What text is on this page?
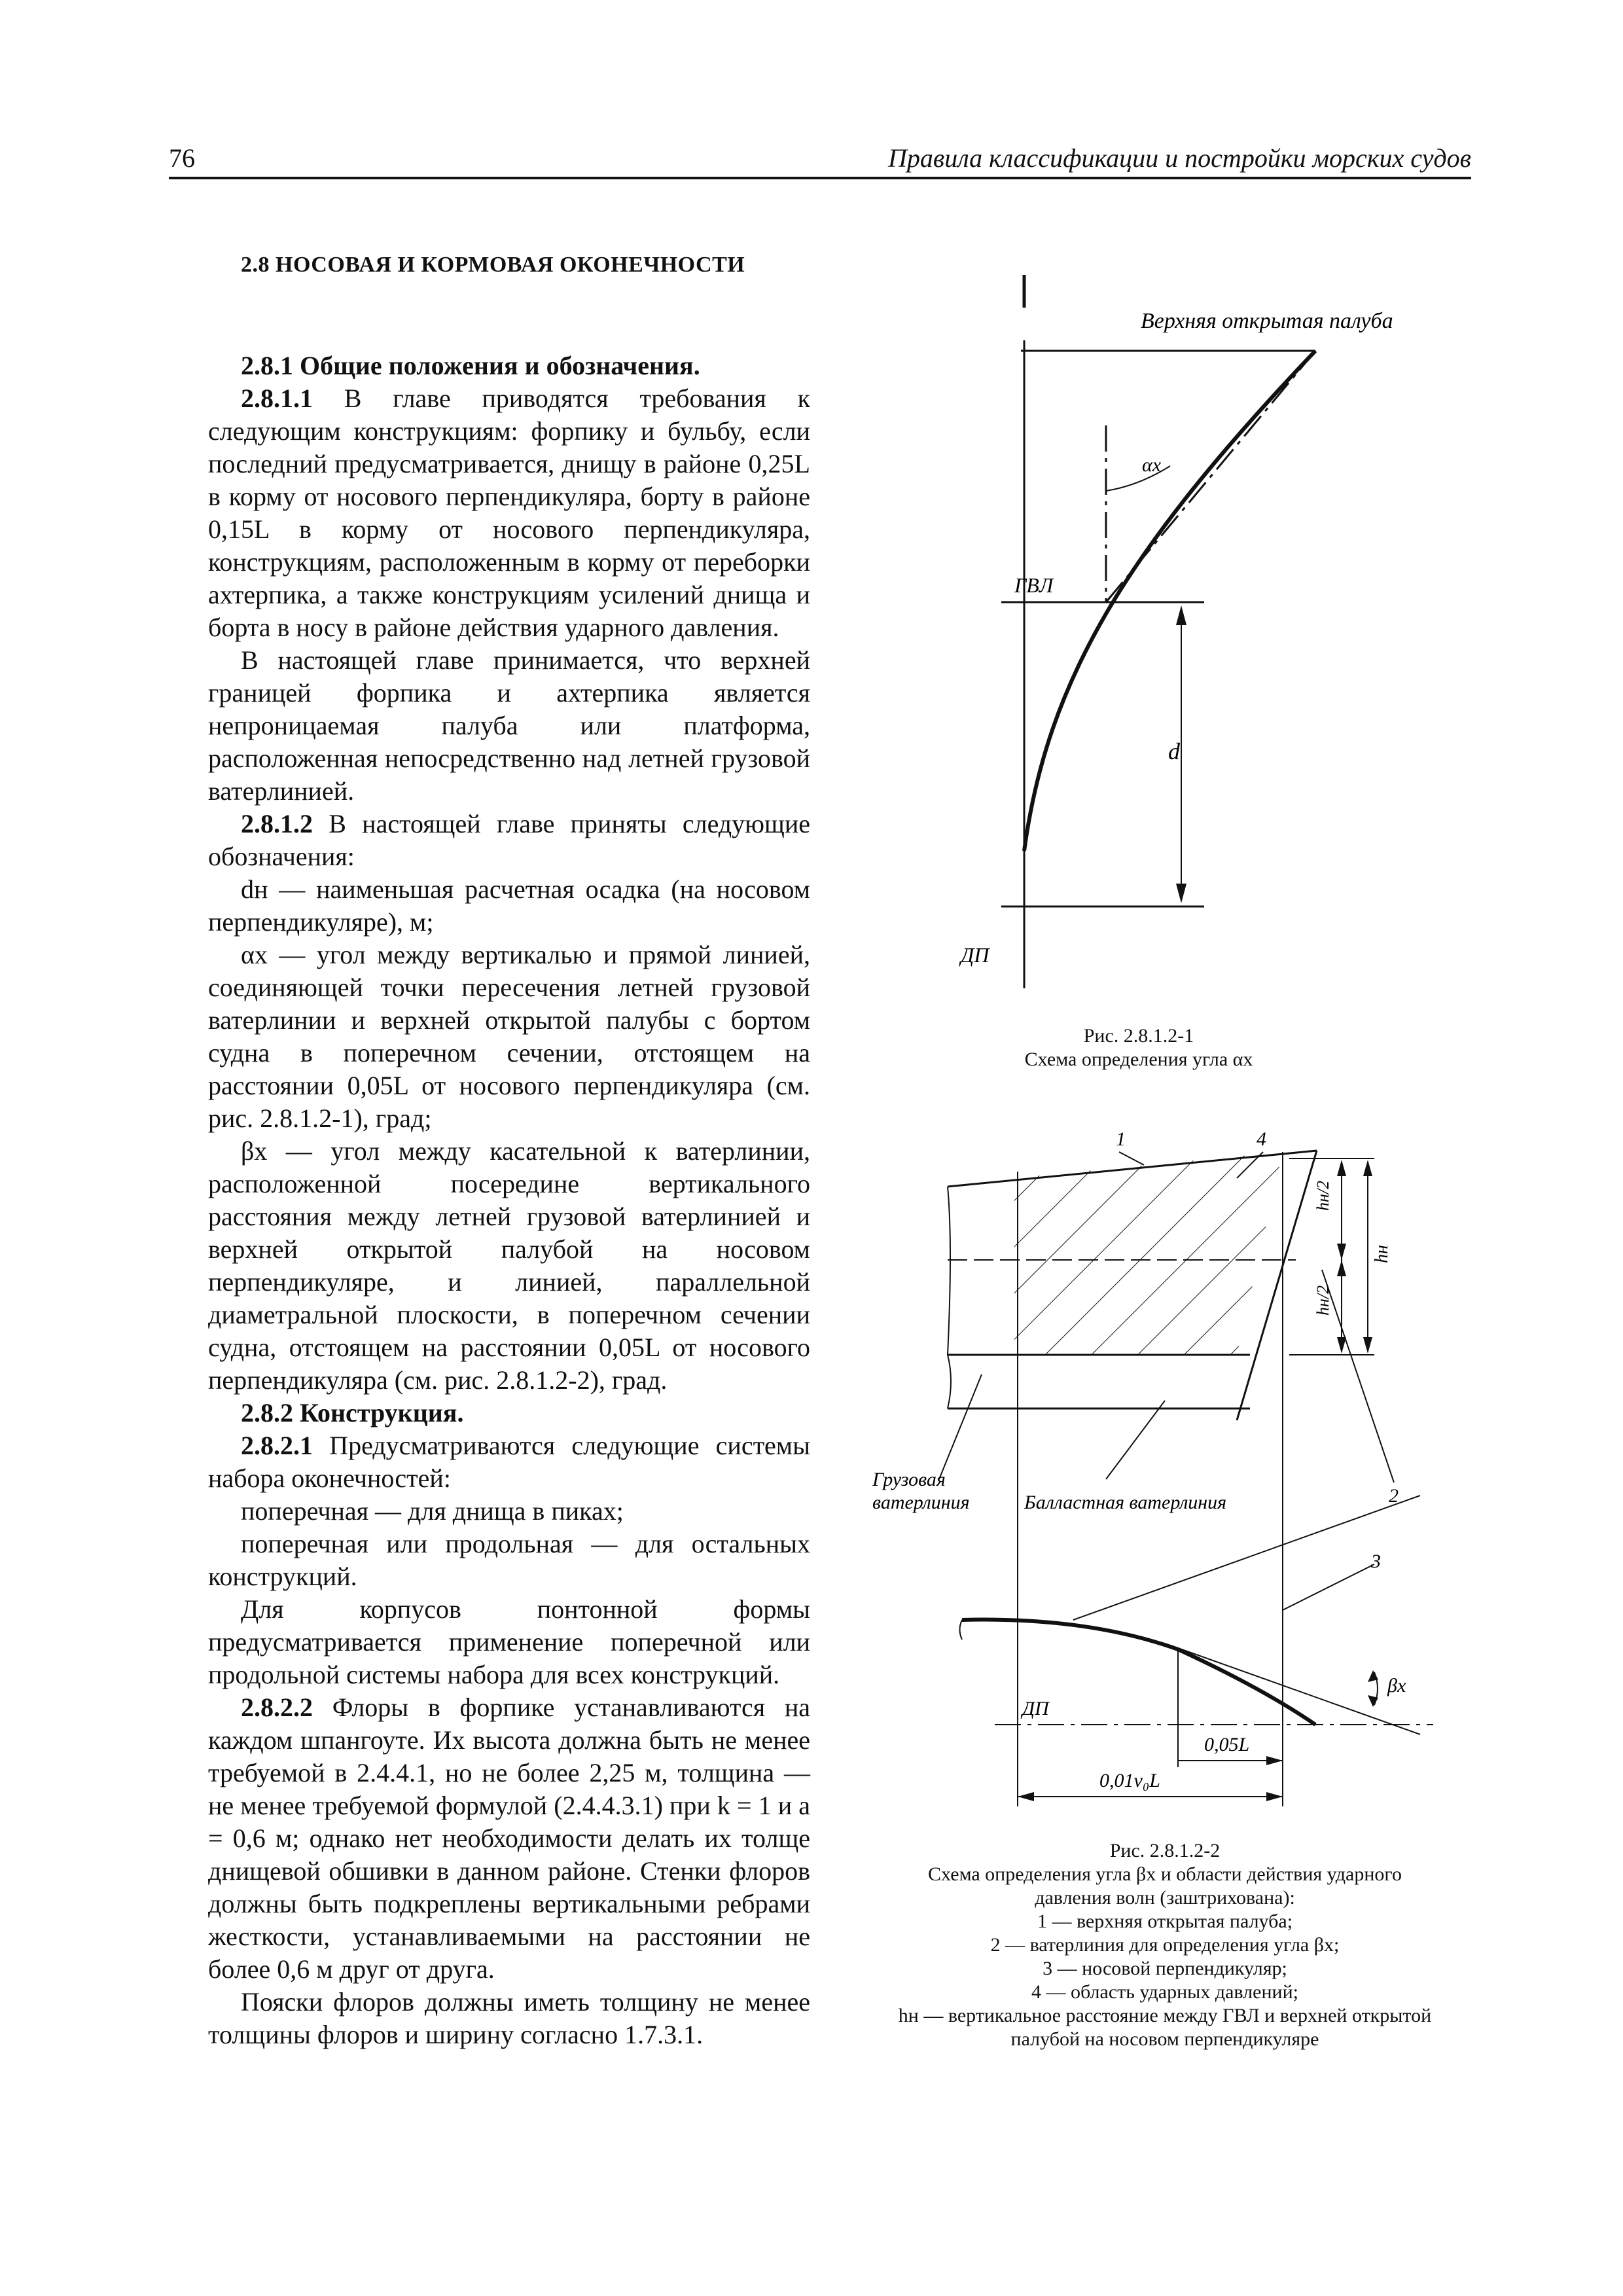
76	Правила классификации и постройки морских судов
2.8 НОСОВАЯ И КОРМОВАЯ ОКОНЕЧНОСТИ

2.8.1 Общие положения и обозначения.

2.8.1.1 В главе приводятся требования к следующим конструкциям: форпику и бульбу, если последний предусматривается, днищу в районе 0,25L в корму от носового перпендикуляра, борту в районе 0,15L в корму от носового перпендикуляра, конструкциям, расположенным в корму от переборки ахтерпика, а также конструкциям усилений днища и борта в носу в районе действия ударного давления.

В настоящей главе принимается, что верхней границей форпика и ахтерпика является непроницаемая палуба или платформа, расположенная непосредственно над летней грузовой ватерлинией.

2.8.1.2 В настоящей главе приняты следующие обозначения:

dн — наименьшая расчетная осадка (на носовом перпендикуляре), м;

αx — угол между вертикалью и прямой линией, соединяющей точки пересечения летней грузовой ватерлинии и верхней открытой палубы с бортом судна в поперечном сечении, отстоящем на расстоянии 0,05L от носового перпендикуляра (см. рис. 2.8.1.2-1), град;

βx — угол между касательной к ватерлинии, расположенной посередине вертикального расстояния между летней грузовой ватерлинией и верхней открытой палубой на носовом перпендикуляре, и линией, параллельной диаметральной плоскости, в поперечном сечении судна, отстоящем на расстоянии 0,05L от носового перпендикуляра (см. рис. 2.8.1.2-2), град.

2.8.2 Конструкция.

2.8.2.1 Предусматриваются следующие системы набора оконечностей:

поперечная — для днища в пиках;

поперечная или продольная — для остальных конструкций.

Для корпусов понтонной формы предусматривается применение поперечной или продольной системы набора для всех конструкций.

2.8.2.2 Флоры в форпике устанавливаются на каждом шпангоуте. Их высота должна быть не менее требуемой в 2.4.4.1, но не более 2,25 м, толщина — не менее требуемой формулой (2.4.4.3.1) при k = 1 и a = 0,6 м; однако нет необходимости делать их толще днищевой обшивки в данном районе. Стенки флоров должны быть подкреплены вертикальными ребрами жесткости, устанавливаемыми на расстоянии не более 0,6 м друг от друга.

Пояски флоров должны иметь толщину не менее толщины флоров и ширину согласно 1.7.3.1.

Верхняя открытая палуба
αx
ГВЛ
d
ДП
Рис. 2.8.1.2-1
Схема определения угла αx
1	4
hн/2
hн/2
hн
Грузовая
ватерлиния	Балластная ватерлиния	2
3
βx
ДП
0,05L
0,01v₀L
Рис. 2.8.1.2-2
Схема определения угла βx и области действия ударного
давления волн (заштрихована):
1 — верхняя открытая палуба;
2 — ватерлиния для определения угла βx;
3 — носовой перпендикуляр;
4 — область ударных давлений;
hн — вертикальное расстояние между ГВЛ и верхней открытой
палубой на носовом перпендикуляре
